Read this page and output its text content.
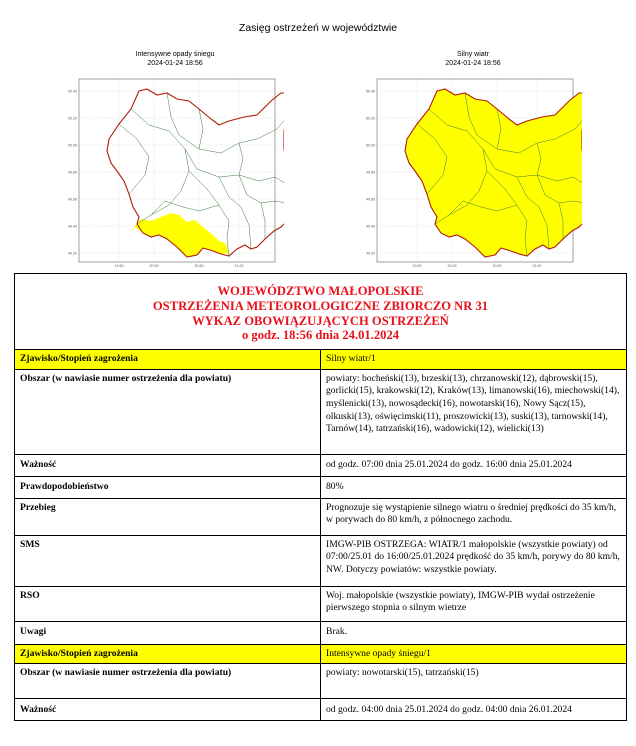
Zasięg ostrzeżeń w województwie
Intensywne opady śniegu
2024-01-24 18:56
50.40
50.20
50.00
49.80
49.60
49.40
49.20
19.50	20.00	20.50	21.00
Silny wiatr
2024-01-24 18:56
50.40
50.20
50.00
49.80
49.60
49.40
49.20
19.50	20.00	20.50	21.00
WOJEWÓDZTWO MAŁOPOLSKIE
OSTRZEŻENIA METEOROLOGICZNE ZBIORCZO NR 31
WYKAZ OBOWIĄZUJĄCYCH OSTRZEŻEŃ
o godz. 18:56 dnia 24.01.2024	

Zjawisko/Stopień zagrożenia	Silny wiatr/1
Obszar (w nawiasie numer ostrzeżenia dla powiatu)	powiaty: bocheński(13), brzeski(13), chrzanowski(12), dąbrowski(15), gorlicki(15), krakowski(12), Kraków(13), limanowski(16), miechowski(14), myślenicki(13), nowosądecki(16), nowotarski(16), Nowy Sącz(15), olkuski(13), oświęcimski(11), proszowicki(13), suski(13), tarnowski(14), Tarnów(14), tatrzański(16), wadowicki(12), wielicki(13)
Ważność	od godz. 07:00 dnia 25.01.2024 do godz. 16:00 dnia 25.01.2024
Prawdopodobieństwo	80%
Przebieg	Prognozuje się wystąpienie silnego wiatru o średniej prędkości do 35 km/h, w porywach do 80 km/h, z północnego zachodu.
SMS	IMGW-PIB OSTRZEGA: WIATR/1 małopolskie (wszystkie powiaty) od 07:00/25.01 do 16:00/25.01.2024 prędkość do 35 km/h, porywy do 80 km/h, NW. Dotyczy powiatów: wszystkie powiaty.
RSO	Woj. małopolskie (wszystkie powiaty), IMGW-PIB wydał ostrzeżenie pierwszego stopnia o silnym wietrze
Uwagi	Brak.
Zjawisko/Stopień zagrożenia	Intensywne opady śniegu/1
Obszar (w nawiasie numer ostrzeżenia dla powiatu)	powiaty: nowotarski(15), tatrzański(15)
Ważność	od godz. 04:00 dnia 25.01.2024 do godz. 04:00 dnia 26.01.2024
